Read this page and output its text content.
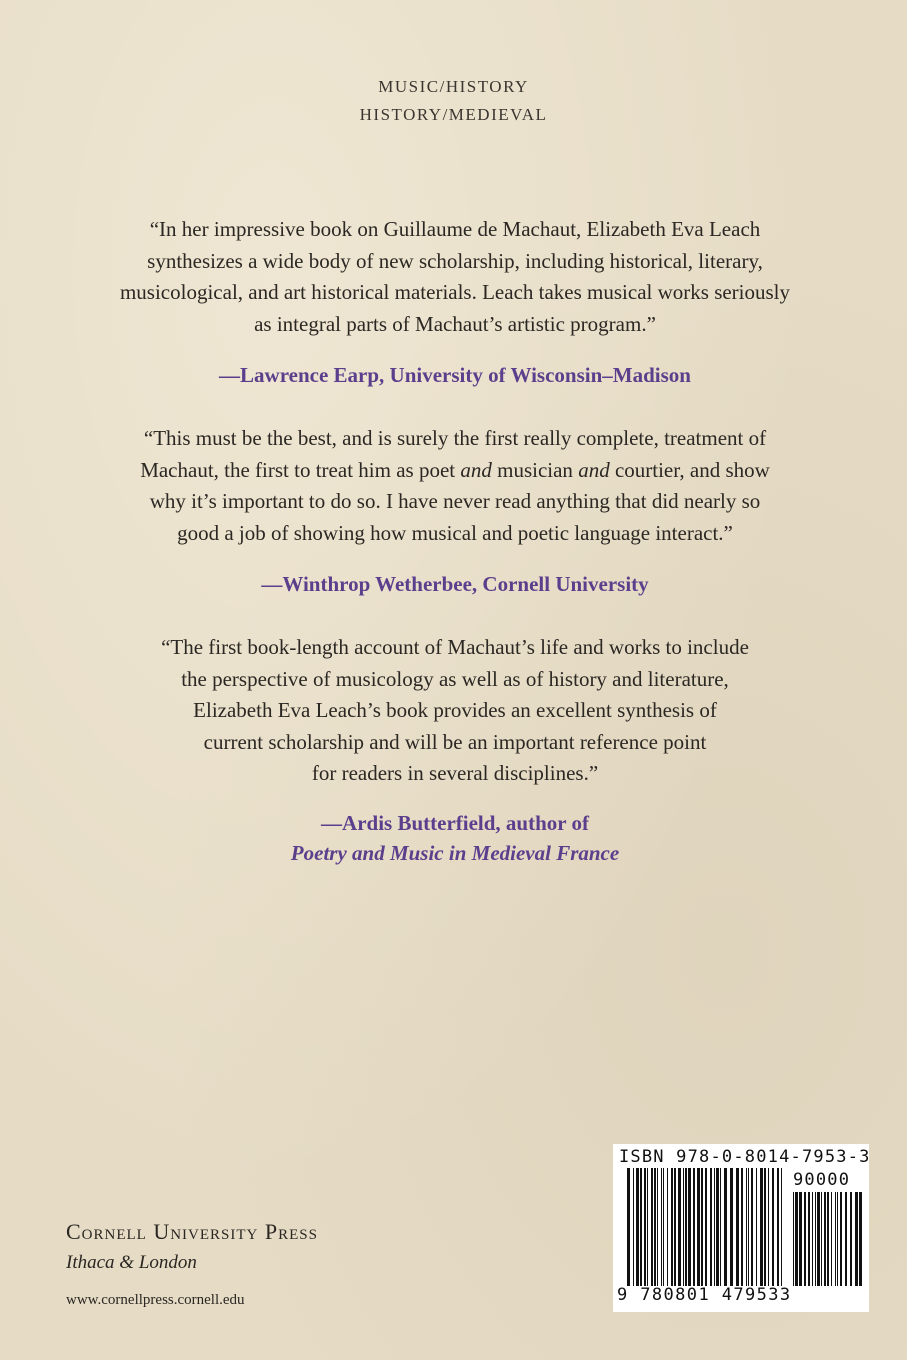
MUSIC/HISTORY
HISTORY/MEDIEVAL
“In her impressive book on Guillaume de Machaut, Elizabeth Eva Leach
synthesizes a wide body of new scholarship, including historical, literary,
musicological, and art historical materials. Leach takes musical works seriously
as integral parts of Machaut’s artistic program.”
—Lawrence Earp, University of Wisconsin–Madison
“This must be the best, and is surely the first really complete, treatment of
Machaut, the first to treat him as poet and musician and courtier, and show
why it’s important to do so. I have never read anything that did nearly so
good a job of showing how musical and poetic language interact.”
—Winthrop Wetherbee, Cornell University
“The first book-length account of Machaut’s life and works to include
the perspective of musicology as well as of history and literature,
Elizabeth Eva Leach’s book provides an excellent synthesis of
current scholarship and will be an important reference point
for readers in several disciplines.”
—Ardis Butterfield, author of
Poetry and Music in Medieval France
Cornell University Press
Ithaca & London
www.cornellpress.cornell.edu
ISBN 978-0-8014-7953-3
90000
9 780801 479533
